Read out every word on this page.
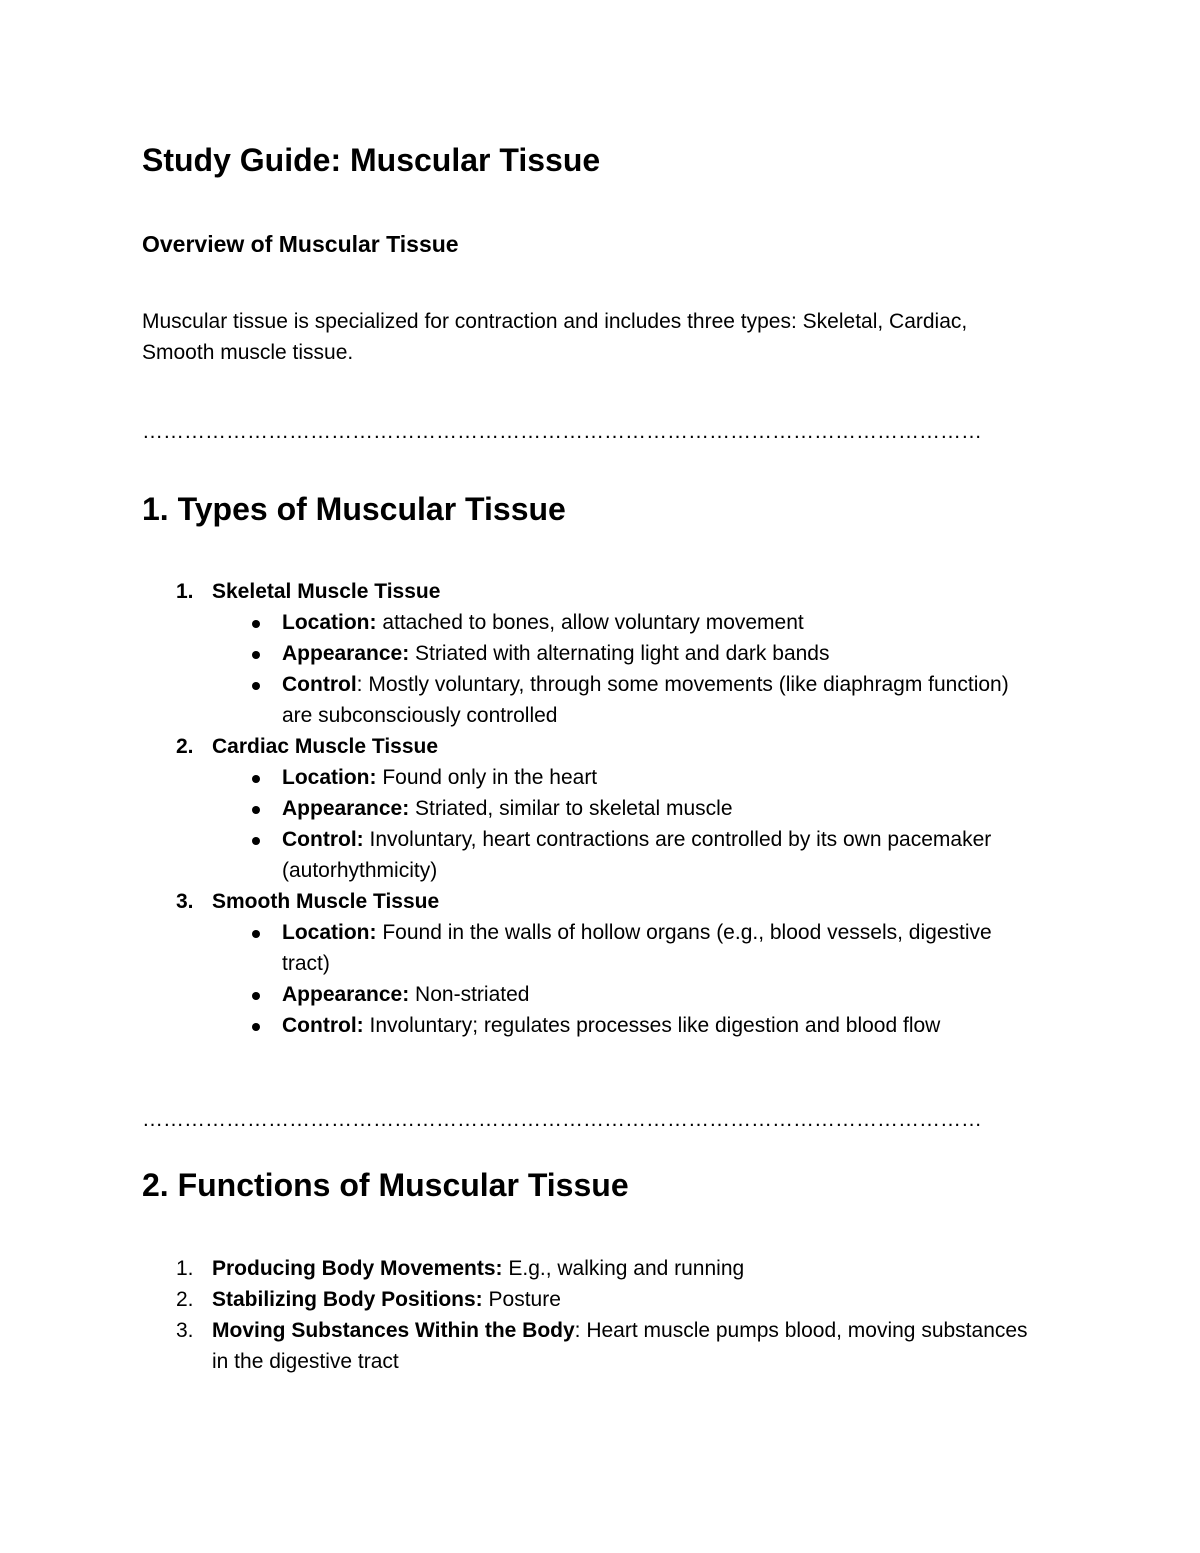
Study Guide: Muscular Tissue
Overview of Muscular Tissue
Muscular tissue is specialized for contraction and includes three types: Skeletal, Cardiac, Smooth muscle tissue.
…………………………………………………………………………………………………………
1. Types of Muscular Tissue
1. Skeletal Muscle Tissue
Location: attached to bones, allow voluntary movement
Appearance: Striated with alternating light and dark bands
Control: Mostly voluntary, through some movements (like diaphragm function) are subconsciously controlled
2. Cardiac Muscle Tissue
Location: Found only in the heart
Appearance: Striated, similar to skeletal muscle
Control: Involuntary, heart contractions are controlled by its own pacemaker (autorhythmicity)
3. Smooth Muscle Tissue
Location: Found in the walls of hollow organs (e.g., blood vessels, digestive tract)
Appearance: Non-striated
Control: Involuntary; regulates processes like digestion and blood flow
…………………………………………………………………………………………………………
2. Functions of Muscular Tissue
1. Producing Body Movements: E.g., walking and running
2. Stabilizing Body Positions: Posture
3. Moving Substances Within the Body: Heart muscle pumps blood, moving substances in the digestive tract
